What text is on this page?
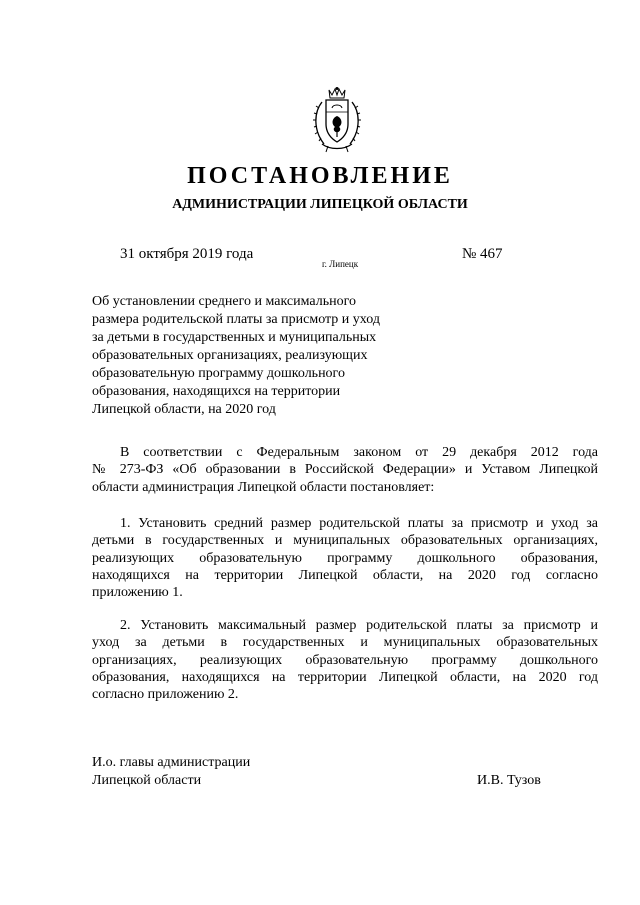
ПОСТАНОВЛЕНИЕ
АДМИНИСТРАЦИИ ЛИПЕЦКОЙ ОБЛАСТИ
31 октября 2019 года
г. Липецк
№ 467
Об установлении среднего и максимального
размера родительской платы за присмотр и уход
за детьми в государственных и муниципальных
образовательных организациях, реализующих
образовательную программу дошкольного
образования, находящихся на территории
Липецкой области, на 2020 год
В соответствии с Федеральным законом от 29 декабря 2012 года
№ 273-ФЗ «Об образовании в Российской Федерации» и Уставом Липецкой
области администрация Липецкой области постановляет:
1. Установить средний размер родительской платы за присмотр и уход за
детьми в государственных и муниципальных образовательных организациях,
реализующих образовательную программу дошкольного образования,
находящихся на территории Липецкой области, на 2020 год согласно
приложению 1.
2. Установить максимальный размер родительской платы за присмотр и
уход за детьми в государственных и муниципальных образовательных
организациях, реализующих образовательную программу дошкольного
образования, находящихся на территории Липецкой области, на 2020 год
согласно приложению 2.
И.о. главы администрации
Липецкой области	И.В. Тузов
